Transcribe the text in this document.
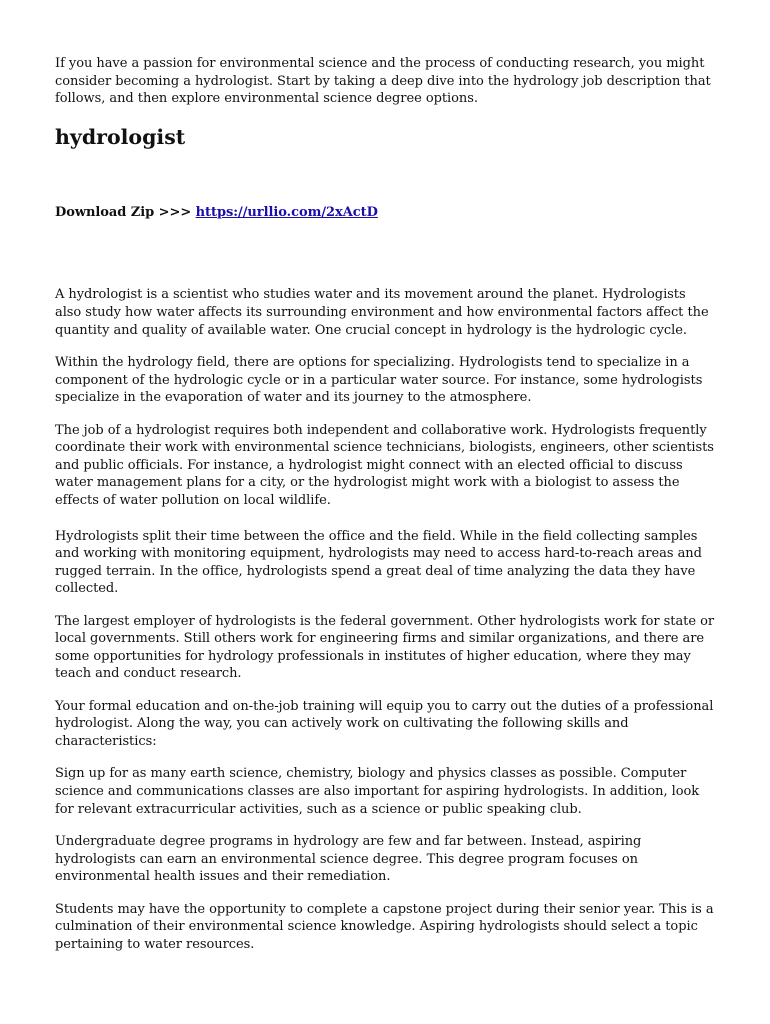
If you have a passion for environmental science and the process of conducting research, you might consider becoming a hydrologist. Start by taking a deep dive into the hydrology job description that follows, and then explore environmental science degree options.

hydrologist

Download Zip >>> https://urllio.com/2xActD

A hydrologist is a scientist who studies water and its movement around the planet. Hydrologists also study how water affects its surrounding environment and how environmental factors affect the quantity and quality of available water. One crucial concept in hydrology is the hydrologic cycle.

Within the hydrology field, there are options for specializing. Hydrologists tend to specialize in a component of the hydrologic cycle or in a particular water source. For instance, some hydrologists specialize in the evaporation of water and its journey to the atmosphere.

The job of a hydrologist requires both independent and collaborative work. Hydrologists frequently coordinate their work with environmental science technicians, biologists, engineers, other scientists and public officials. For instance, a hydrologist might connect with an elected official to discuss water management plans for a city, or the hydrologist might work with a biologist to assess the effects of water pollution on local wildlife.

Hydrologists split their time between the office and the field. While in the field collecting samples and working with monitoring equipment, hydrologists may need to access hard-to-reach areas and rugged terrain. In the office, hydrologists spend a great deal of time analyzing the data they have collected.

The largest employer of hydrologists is the federal government. Other hydrologists work for state or local governments. Still others work for engineering firms and similar organizations, and there are some opportunities for hydrology professionals in institutes of higher education, where they may teach and conduct research.

Your formal education and on-the-job training will equip you to carry out the duties of a professional hydrologist. Along the way, you can actively work on cultivating the following skills and characteristics:

Sign up for as many earth science, chemistry, biology and physics classes as possible. Computer science and communications classes are also important for aspiring hydrologists. In addition, look for relevant extracurricular activities, such as a science or public speaking club.

Undergraduate degree programs in hydrology are few and far between. Instead, aspiring hydrologists can earn an environmental science degree. This degree program focuses on environmental health issues and their remediation.

Students may have the opportunity to complete a capstone project during their senior year. This is a culmination of their environmental science knowledge. Aspiring hydrologists should select a topic pertaining to water resources.
